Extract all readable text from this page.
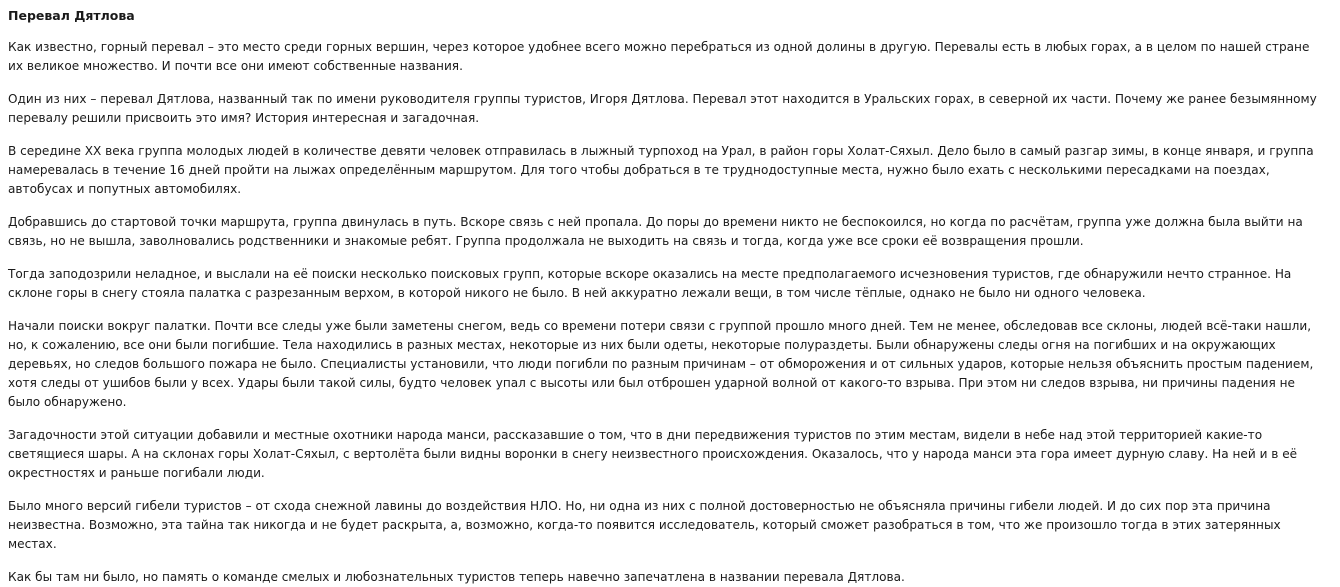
Перевал Дятлова

Как известно, горный перевал – это место среди горных вершин, через которое удобнее всего можно перебраться из одной долины в другую. Перевалы есть в любых горах, а в целом по нашей стране их великое множество. И почти все они имеют собственные названия.

Один из них – перевал Дятлова, названный так по имени руководителя группы туристов, Игоря Дятлова. Перевал этот находится в Уральских горах, в северной их части. Почему же ранее безымянному перевалу решили присвоить это имя? История интересная и загадочная.

В середине XX века группа молодых людей в количестве девяти человек отправилась в лыжный турпоход на Урал, в район горы Холат-Сяхыл. Дело было в самый разгар зимы, в конце января, и группа намеревалась в течение 16 дней пройти на лыжах определённым маршрутом. Для того чтобы добраться в те труднодоступные места, нужно было ехать с несколькими пересадками на поездах, автобусах и попутных автомобилях.

Добравшись до стартовой точки маршрута, группа двинулась в путь. Вскоре связь с ней пропала. До поры до времени никто не беспокоился, но когда по расчётам, группа уже должна была выйти на связь, но не вышла, заволновались родственники и знакомые ребят. Группа продолжала не выходить на связь и тогда, когда уже все сроки её возвращения прошли.

Тогда заподозрили неладное, и выслали на её поиски несколько поисковых групп, которые вскоре оказались на месте предполагаемого исчезновения туристов, где обнаружили нечто странное. На склоне горы в снегу стояла палатка с разрезанным верхом, в которой никого не было. В ней аккуратно лежали вещи, в том числе тёплые, однако не было ни одного человека.

Начали поиски вокруг палатки. Почти все следы уже были заметены снегом, ведь со времени потери связи с группой прошло много дней. Тем не менее, обследовав все склоны, людей всё-таки нашли, но, к сожалению, все они были погибшие. Тела находились в разных местах, некоторые из них были одеты, некоторые полураздеты. Были обнаружены следы огня на погибших и на окружающих деревьях, но следов большого пожара не было. Специалисты установили, что люди погибли по разным причинам – от обморожения и от сильных ударов, которые нельзя объяснить простым падением, хотя следы от ушибов были у всех. Удары были такой силы, будто человек упал с высоты или был отброшен ударной волной от какого-то взрыва. При этом ни следов взрыва, ни причины падения не было обнаружено.

Загадочности этой ситуации добавили и местные охотники народа манси, рассказавшие о том, что в дни передвижения туристов по этим местам, видели в небе над этой территорией какие-то светящиеся шары. А на склонах горы Холат-Сяхыл, с вертолёта были видны воронки в снегу неизвестного происхождения. Оказалось, что у народа манси эта гора имеет дурную славу. На ней и в её окрестностях и раньше погибали люди.

Было много версий гибели туристов – от схода снежной лавины до воздействия НЛО. Но, ни одна из них с полной достоверностью не объясняла причины гибели людей. И до сих пор эта причина неизвестна. Возможно, эта тайна так никогда и не будет раскрыта, а, возможно, когда-то появится исследователь, который сможет разобраться в том, что же произошло тогда в этих затерянных местах.

Как бы там ни было, но память о команде смелых и любознательных туристов теперь навечно запечатлена в названии перевала Дятлова.
